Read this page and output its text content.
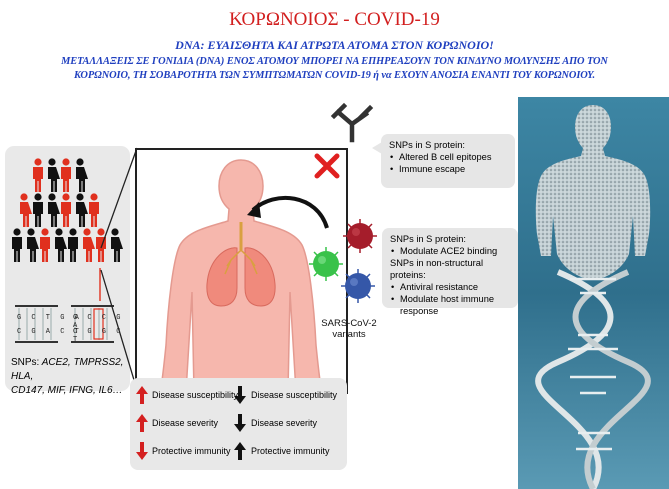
ΚΟΡΩΝΟΙΟΣ - COVID-19
DNA: ΕΥΑΙΣΘΗΤΑ ΚΑΙ ΑΤΡΩΤΑ ΑΤΟΜΑ ΣΤΟΝ ΚΟΡΩΝΟΙΟ!
ΜΕΤΑΛΛΑΞΕΙΣ ΣΕ ΓΟΝΙΔΙΑ (DNA) ΕΝΟΣ ΑΤΟΜΟΥ ΜΠΟΡΕΙ ΝΑ ΕΠΗΡΕΑΣΟΥΝ ΤΟΝ ΚΙΝΔΥΝΟ ΜΟΛΥΝΣΗΣ ΑΠΟ ΤΟΝ
ΚΟΡΩΝΟΙΟ, ΤΗ ΣΟΒΑΡΟΤΗΤΑ ΤΩΝ ΣΥΜΠΤΩΜΑΤΩΝ COVID-19 ή να ΕΧΟΥΝ ΑΝΟΣΙΑ ΕΝΑΝΤΙ ΤΟΥ ΚΟΡΩΝΟΙΟΥ.
G C T G A
C G A C T
G C C G A
C G G C T
SNPs: ACE2, TMPRSS2, HLA,
CD147, MIF, IFNG, IL6…
SNPs in S protein:
• Altered B cell epitopes
• Immune escape
SNPs in S protein:
• Modulate ACE2 binding
SNPs in non-structural proteins:
• Antiviral resistance
• Modulate host immune response
SARS-CoV-2
variants
Disease susceptibility
Disease severity
Protective immunity
Disease susceptibility
Disease severity
Protective immunity
